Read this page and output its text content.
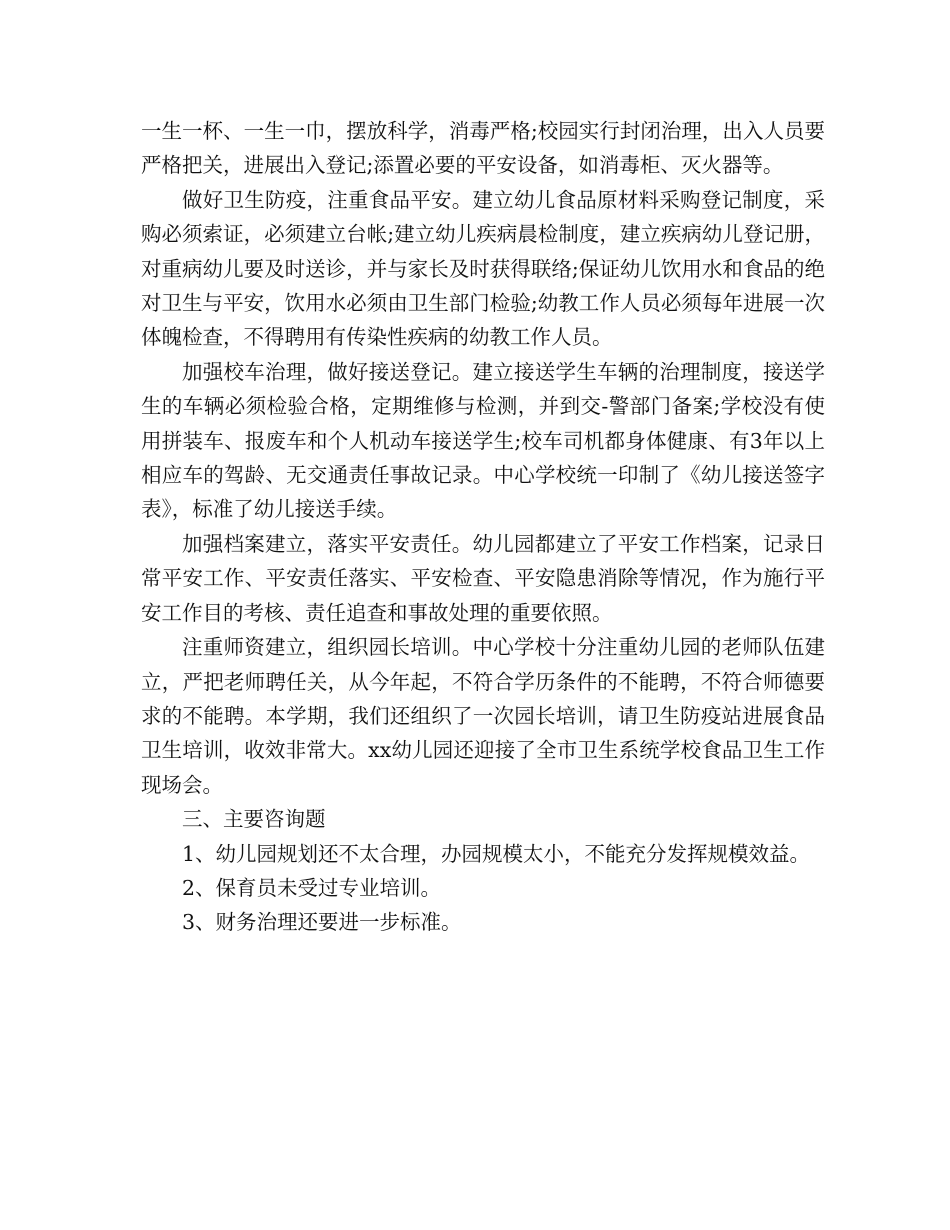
一生一杯、一生一巾，摆放科学，消毒严格;校园实行封闭治理，出入人员要严格把关，进展出入登记;添置必要的平安设备，如消毒柜、灭火器等。

做好卫生防疫，注重食品平安。建立幼儿食品原材料采购登记制度，采购必须索证，必须建立台帐;建立幼儿疾病晨检制度，建立疾病幼儿登记册，对重病幼儿要及时送诊，并与家长及时获得联络;保证幼儿饮用水和食品的绝对卫生与平安，饮用水必须由卫生部门检验;幼教工作人员必须每年进展一次体魄检查，不得聘用有传染性疾病的幼教工作人员。

加强校车治理，做好接送登记。建立接送学生车辆的治理制度，接送学生的车辆必须检验合格，定期维修与检测，并到交-警部门备案;学校没有使用拼装车、报废车和个人机动车接送学生;校车司机都身体健康、有3年以上相应车的驾龄、无交通责任事故记录。中心学校统一印制了《幼儿接送签字表》，标准了幼儿接送手续。

加强档案建立，落实平安责任。幼儿园都建立了平安工作档案，记录日常平安工作、平安责任落实、平安检查、平安隐患消除等情况，作为施行平安工作目的考核、责任追查和事故处理的重要依照。

注重师资建立，组织园长培训。中心学校十分注重幼儿园的老师队伍建立，严把老师聘任关，从今年起，不符合学历条件的不能聘，不符合师德要求的不能聘。本学期，我们还组织了一次园长培训，请卫生防疫站进展食品卫生培训，收效非常大。xx幼儿园还迎接了全市卫生系统学校食品卫生工作现场会。

三、主要咨询题

1、幼儿园规划还不太合理，办园规模太小，不能充分发挥规模效益。

2、保育员未受过专业培训。

3、财务治理还要进一步标准。
